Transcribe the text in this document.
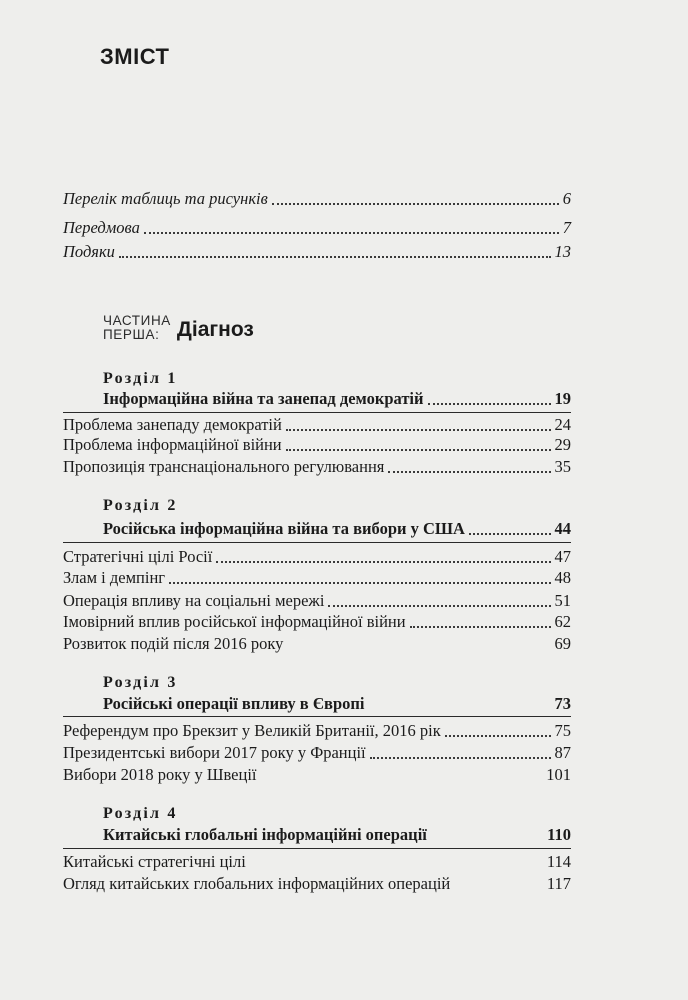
ЗМІСТ
Перелік таблиць та рисунків	6
Передмова	7
Подяки	13
ЧАСТИНА
ПЕРША: Діагноз
Розділ 1
Інформаційна війна та занепад демократій	19
Проблема занепаду демократій	24
Проблема інформаційної війни	29
Пропозиція транснаціонального регулювання	35
Розділ 2
Російська інформаційна війна та вибори у США	44
Стратегічні цілі Росії	47
Злам і демпінг	48
Операція впливу на соціальні мережі	51
Імовірний вплив російської інформаційної війни	62
Розвиток подій після 2016 року	69
Розділ 3
Російські операції впливу в Європі	73
Референдум про Брекзит у Великій Британії, 2016 рік	75
Президентські вибори 2017 року у Франції	87
Вибори 2018 року у Швеції	101
Розділ 4
Китайські глобальні інформаційні операції	110
Китайські стратегічні цілі	114
Огляд китайських глобальних інформаційних операцій	117
